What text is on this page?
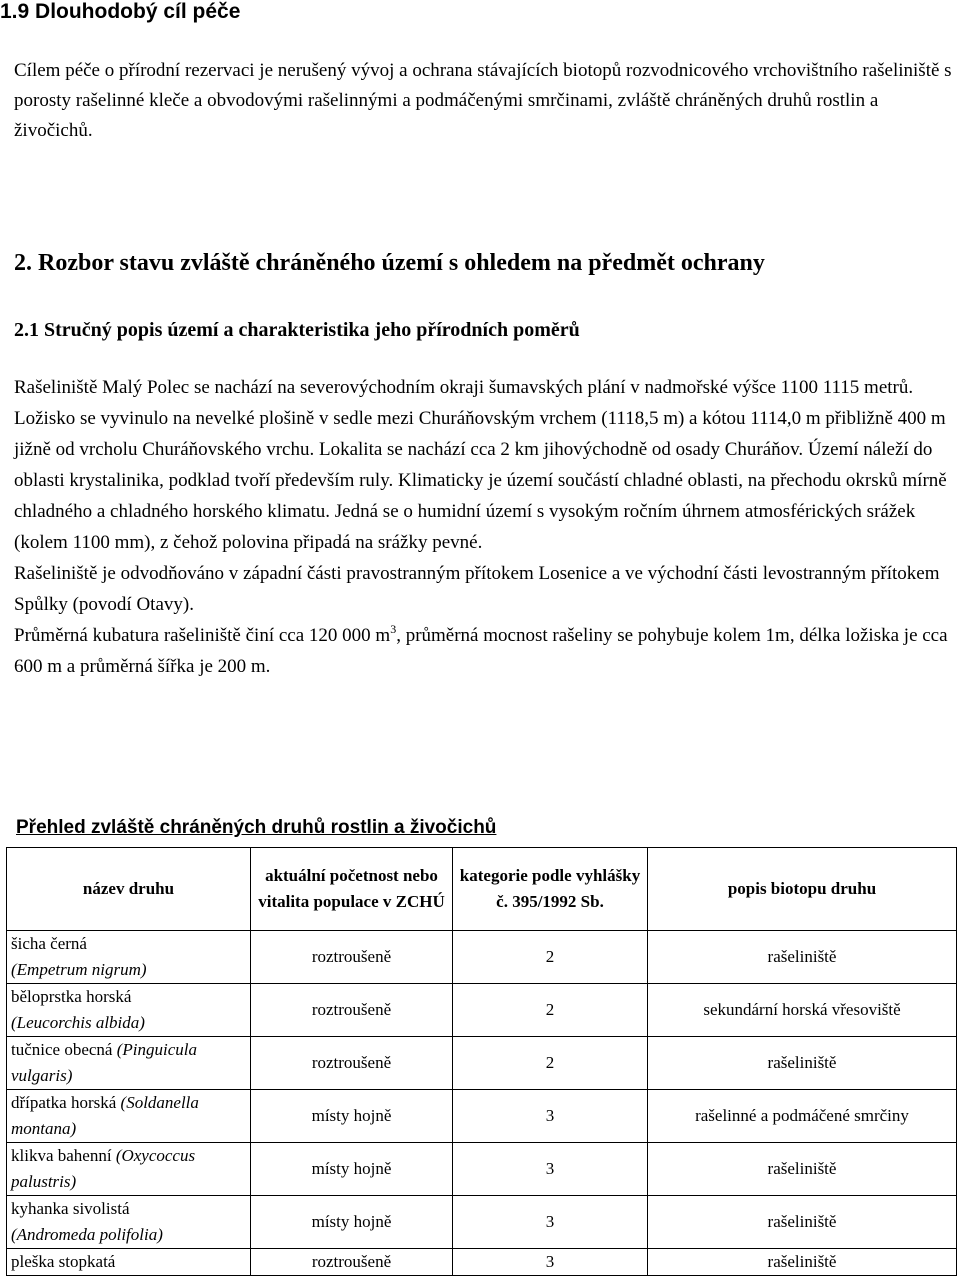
1.9 Dlouhodobý cíl péče
Cílem péče o přírodní rezervaci je nerušený vývoj a ochrana stávajících biotopů rozvodnicového vrchovištního rašeliniště s porosty rašelinné kleče a obvodovými rašelinnými a podmáčenými smrčinami, zvláště chráněných druhů rostlin a živočichů.
2. Rozbor stavu zvláště chráněného území s ohledem na předmět ochrany
2.1 Stručný popis území a charakteristika jeho přírodních poměrů

Rašeliniště Malý Polec se nachází na severovýchodním okraji šumavských plání v nadmořské výšce 1100 1115 metrů. Ložisko se vyvinulo na nevelké plošině v sedle mezi Churáňovským vrchem (1118,5 m) a kótou 1114,0 m přibližně 400 m jižně od vrcholu Churáňovského vrchu. Lokalita se nachází cca 2 km jihovýchodně od osady Churáňov. Území náleží do oblasti krystalinika, podklad tvoří především ruly. Klimaticky je území součástí chladné oblasti, na přechodu okrsků mírně chladného a chladného horského klimatu. Jedná se o humidní území s vysokým ročním úhrnem atmosférických srážek (kolem 1100 mm), z čehož polovina připadá na srážky pevné.

Rašeliniště je odvodňováno v západní části pravostranným přítokem Losenice a ve východní části levostranným přítokem Spůlky (povodí Otavy).

Průměrná kubatura rašeliniště činí cca 120 000 $m^3$, průměrná mocnost rašeliny se pohybuje kolem 1m, délka ložiska je cca 600 m a průměrná šířka je 200 m.

Přehled zvláště chráněných druhů rostlin a živočichů
název druhu	aktuální početnost nebo vitalita populace v ZCHÚ	kategorie podle vyhlášky č. 395/1992 Sb.	popis biotopu druhu
šicha černá
(Empetrum nigrum)	roztroušeně	2	rašeliniště
běloprstka horská
(Leucorchis albida)	roztroušeně	2	sekundární horská vřesoviště
tučnice obecná (Pinguicula vulgaris)	roztroušeně	2	rašeliniště
dřípatka horská (Soldanella montana)	místy hojně	3	rašelinné a podmáčené smrčiny
klikva bahenní (Oxycoccus palustris)	místy hojně	3	rašeliniště
kyhanka sivolistá
(Andromeda polifolia)	místy hojně	3	rašeliniště
pleška stopkatá	roztroušeně	3	rašeliniště
